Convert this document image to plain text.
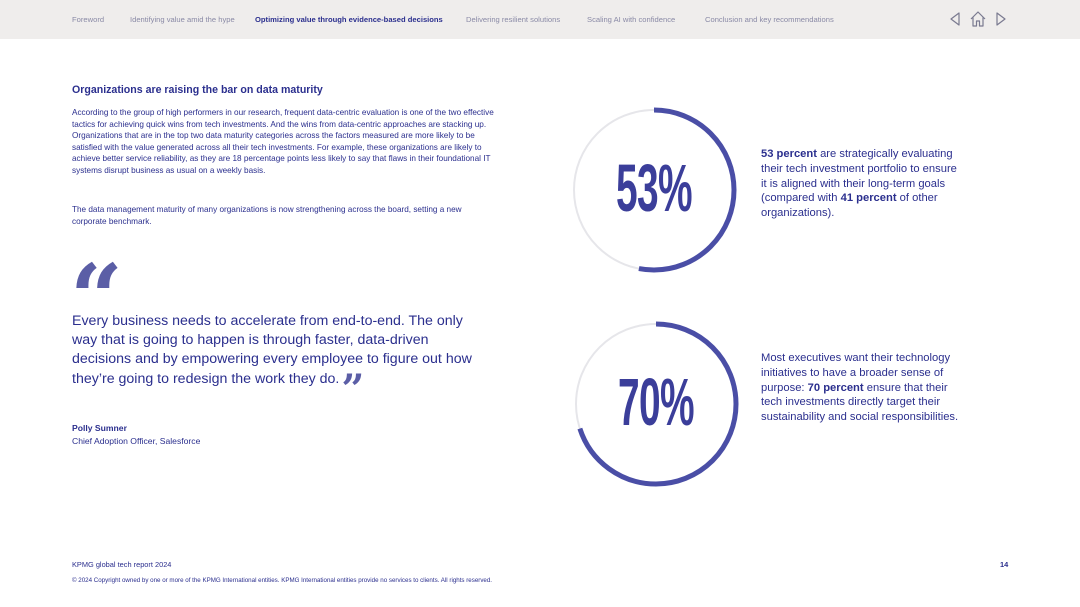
Foreword	Identifying value amid the hype	Optimizing value through evidence-based decisions	Delivering resilient solutions	Scaling AI with confidence	Conclusion and key recommendations
Organizations are raising the bar on data maturity
According to the group of high performers in our research, frequent data-centric evaluation is one of the two effective tactics for achieving quick wins from tech investments. And the wins from data-centric approaches are stacking up. Organizations that are in the top two data maturity categories across the factors measured are more likely to be satisfied with the value generated across all their tech investments. For example, these organizations are likely to achieve better service reliability, as they are 18 percentage points less likely to say that flaws in their foundational IT systems disrupt business as usual on a weekly basis.
The data management maturity of many organizations is now strengthening across the board, setting a new corporate benchmark.
“
Every business needs to accelerate from end-to-end. The only way that is going to happen is through faster, data-driven decisions and by empowering every employee to figure out how they’re going to redesign the work they do.”
Polly Sumner
Chief Adoption Officer, Salesforce
53%	53 percent are strategically evaluating their tech investment portfolio to ensure it is aligned with their long-term goals (compared with 41 percent of other organizations).
70%
Most executives want their technology initiatives to have a broader sense of purpose: 70 percent ensure that their tech investments directly target their sustainability and social responsibilities.
KPMG global tech report 2024	14
© 2024 Copyright owned by one or more of the KPMG International entities. KPMG International entities provide no services to clients. All rights reserved.
